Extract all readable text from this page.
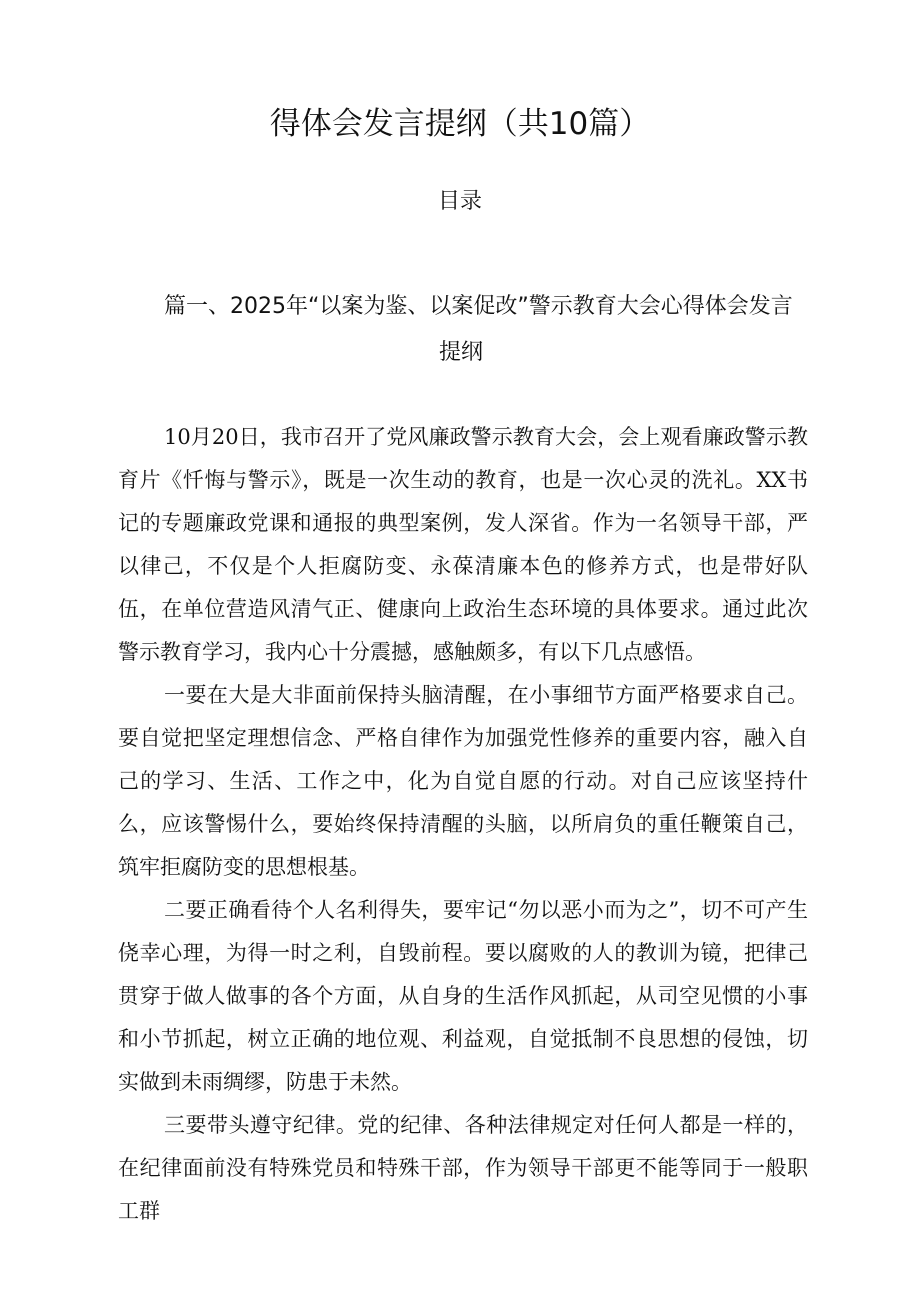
得体会发言提纲（共10篇）
目录

篇一、2025年“以案为鉴、以案促改”警示教育大会心得体会发言
提纲

10月20日，我市召开了党风廉政警示教育大会，会上观看廉政警示教育片《忏悔与警示》，既是一次生动的教育，也是一次心灵的洗礼。XX书记的专题廉政党课和通报的典型案例，发人深省。作为一名领导干部，严以律己，不仅是个人拒腐防变、永葆清廉本色的修养方式，也是带好队伍，在单位营造风清气正、健康向上政治生态环境的具体要求。通过此次警示教育学习，我内心十分震撼，感触颇多，有以下几点感悟。

一要在大是大非面前保持头脑清醒，在小事细节方面严格要求自己。要自觉把坚定理想信念、严格自律作为加强党性修养的重要内容，融入自己的学习、生活、工作之中，化为自觉自愿的行动。对自己应该坚持什么，应该警惕什么，要始终保持清醒的头脑，以所肩负的重任鞭策自己，筑牢拒腐防变的思想根基。

二要正确看待个人名利得失，要牢记“勿以恶小而为之”，切不可产生侥幸心理，为得一时之利，自毁前程。要以腐败的人的教训为镜，把律己贯穿于做人做事的各个方面，从自身的生活作风抓起，从司空见惯的小事和小节抓起，树立正确的地位观、利益观，自觉抵制不良思想的侵蚀，切实做到未雨绸缪，防患于未然。

三要带头遵守纪律。党的纪律、各种法律规定对任何人都是一样的，在纪律面前没有特殊党员和特殊干部，作为领导干部更不能等同于一般职工群
